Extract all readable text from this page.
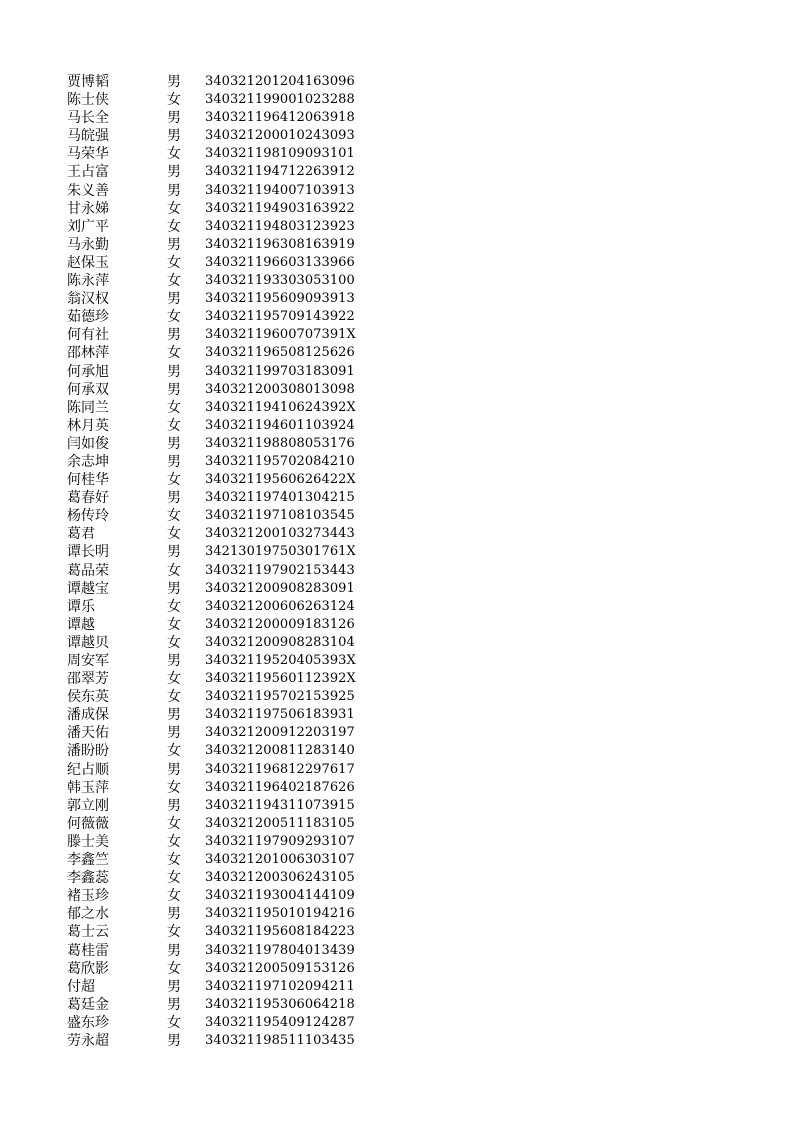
贾博韬	男 340321201204163096
陈士侠	女 340321199001023288
马长全	男 340321196412063918
马皖强	男 340321200010243093
马荣华	女 340321198109093101
王占富	男 340321194712263912
朱义善	男 340321194007103913
甘永娣	女 340321194903163922
刘广平	女 340321194803123923
马永勤	男 340321196308163919
赵保玉	女 340321196603133966
陈永萍	女 340321193303053100
翁汉权	男 340321195609093913
茹德珍	女 340321195709143922
何有社	男 34032119600707391X
邵林萍	女 340321196508125626
何承旭	男 340321199703183091
何承双	男 340321200308013098
陈同兰	女 34032119410624392X
林月英	女 340321194601103924
闫如俊	男 340321198808053176
余志坤	男 340321195702084210
何桂华	女 34032119560626422X
葛春好	男 340321197401304215
杨传玲	女 340321197108103545
葛君	女 340321200103273443
谭长明	男 34213019750301761X
葛品荣	女 340321197902153443
谭越宝	男 340321200908283091
谭乐	女 340321200606263124
谭越	女 340321200009183126
谭越贝	女 340321200908283104
周安军	男 34032119520405393X
邵翠芳	女 34032119560112392X
侯东英	女 340321195702153925
潘成保	男 340321197506183931
潘天佑	男 340321200912203197
潘盼盼	女 340321200811283140
纪占顺	男 340321196812297617
韩玉萍	女 340321196402187626
郭立刚	男 340321194311073915
何薇薇	女 340321200511183105
滕士美	女 340321197909293107
李鑫竺	女 340321201006303107
李鑫蕊	女 340321200306243105
褚玉珍	女 340321193004144109
郁之水	男 340321195010194216
葛士云	女 340321195608184223
葛桂雷	男 340321197804013439
葛欣影	女 340321200509153126
付超	男 340321197102094211
葛廷金	男 340321195306064218
盛东珍	女 340321195409124287
劳永超	男 340321198511103435
